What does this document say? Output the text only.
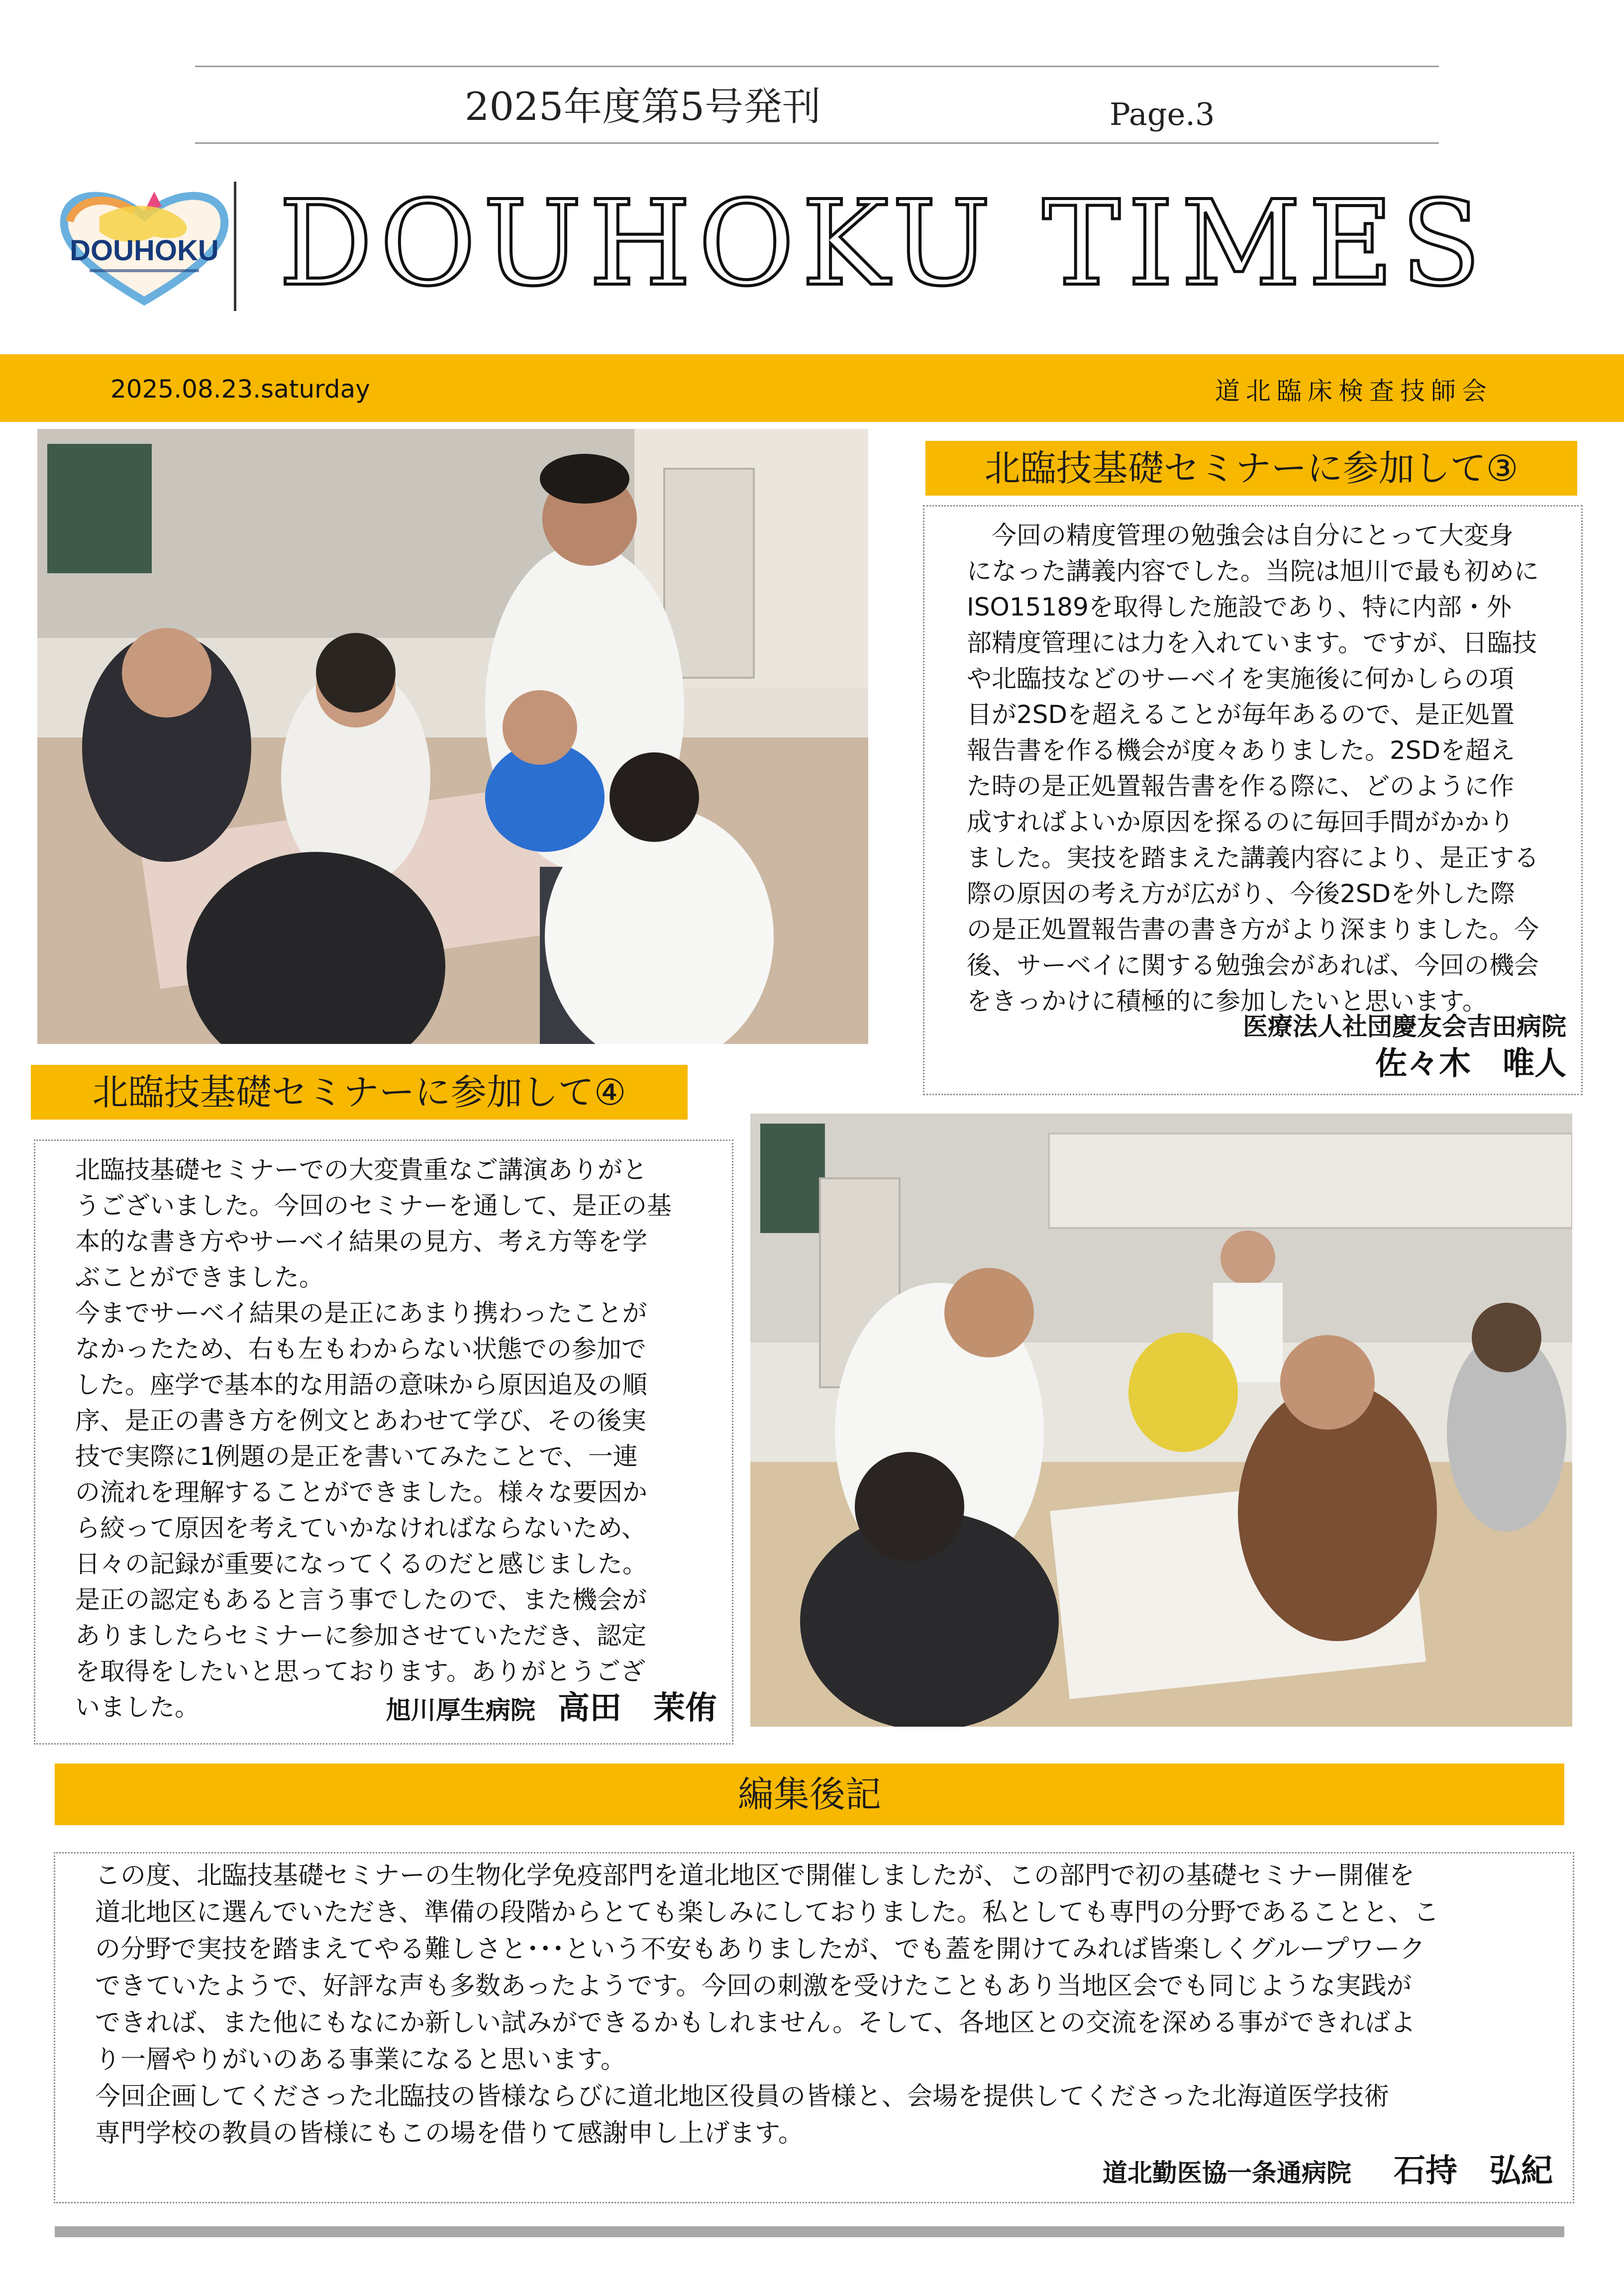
2025年度第5号発刊	Page.3
DOUHOKU DOUHOKU TIMES
2025.08.23.saturday	道北臨床検査技師会
北臨技基礎セミナーに参加して③

　今回の精度管理の勉強会は自分にとって大変身

になった講義内容でした。当院は旭川で最も初めに

ISO15189を取得した施設であり、特に内部・外

部精度管理には力を入れています。ですが、日臨技

や北臨技などのサーベイを実施後に何かしらの項

目が2SDを超えることが毎年あるので、是正処置

報告書を作る機会が度々ありました。2SDを超え

た時の是正処置報告書を作る際に、どのように作

成すればよいか原因を探るのに毎回手間がかかり

ました。実技を踏まえた講義内容により、是正する

際の原因の考え方が広がり、今後2SDを外した際

の是正処置報告書の書き方がより深まりました。今

後、サーベイに関する勉強会があれば、今回の機会

をきっかけに積極的に参加したいと思います。

医療法人社団慶友会吉田病院
佐々木　唯人
北臨技基礎セミナーに参加して④

北臨技基礎セミナーでの大変貴重なご講演ありがと

うございました。今回のセミナーを通して、是正の基

本的な書き方やサーベイ結果の見方、考え方等を学

ぶことができました。

今までサーベイ結果の是正にあまり携わったことが

なかったため、右も左もわからない状態での参加で

した。座学で基本的な用語の意味から原因追及の順

序、是正の書き方を例文とあわせて学び、その後実

技で実際に1例題の是正を書いてみたことで、一連

の流れを理解することができました。様々な要因か

ら絞って原因を考えていかなければならないため、

日々の記録が重要になってくるのだと感じました。

是正の認定もあると言う事でしたので、また機会が

ありましたらセミナーに参加させていただき、認定

を取得をしたいと思っております。ありがとうござ

いました。	旭川厚生病院 高田　茉侑
編集後記

この度、北臨技基礎セミナーの生物化学免疫部門を道北地区で開催しましたが、この部門で初の基礎セミナー開催を

道北地区に選んでいただき、準備の段階からとても楽しみにしておりました。私としても専門の分野であることと、こ

の分野で実技を踏まえてやる難しさと･･･という不安もありましたが、でも蓋を開けてみれば皆楽しくグループワーク

できていたようで、好評な声も多数あったようです。今回の刺激を受けたこともあり当地区会でも同じような実践が

できれば、また他にもなにか新しい試みができるかもしれません。そして、各地区との交流を深める事ができればよ

り一層やりがいのある事業になると思います。

今回企画してくださった北臨技の皆様ならびに道北地区役員の皆様と、会場を提供してくださった北海道医学技術

専門学校の教員の皆様にもこの場を借りて感謝申し上げます。

道北勤医協一条通病院 石持　弘紀
